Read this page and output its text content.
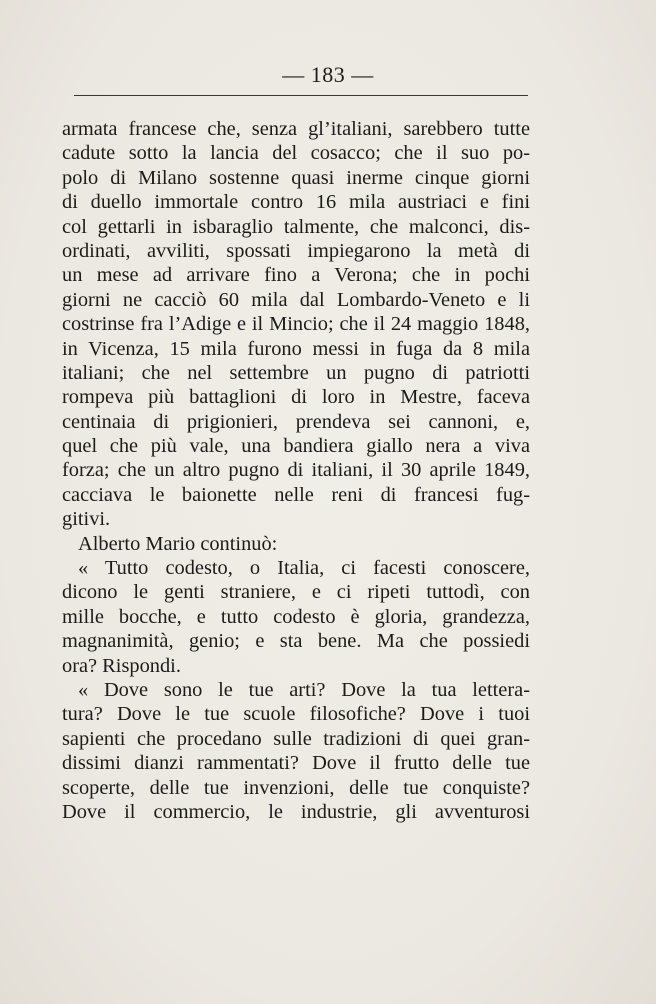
— 183 —
armata francese che, senza gl’italiani, sarebbero tutte
cadute sotto la lancia del cosacco; che il suo po-
polo di Milano sostenne quasi inerme cinque giorni
di duello immortale contro 16 mila austriaci e fini
col gettarli in isbaraglio talmente, che malconci, dis-
ordinati, avviliti, spossati impiegarono la metà di
un mese ad arrivare fino a Verona; che in pochi
giorni ne cacciò 60 mila dal Lombardo-Veneto e li
costrinse fra l’Adige e il Mincio; che il 24 maggio 1848,
in Vicenza, 15 mila furono messi in fuga da 8 mila
italiani; che nel settembre un pugno di patriotti
rompeva più battaglioni di loro in Mestre, faceva
centinaia di prigionieri, prendeva sei cannoni, e,
quel che più vale, una bandiera giallo nera a viva
forza; che un altro pugno di italiani, il 30 aprile 1849,
cacciava le baionette nelle reni di francesi fug-
gitivi.
Alberto Mario continuò:
« Tutto codesto, o Italia, ci facesti conoscere,
dicono le genti straniere, e ci ripeti tuttodì, con
mille bocche, e tutto codesto è gloria, grandezza,
magnanimità, genio; e sta bene. Ma che possiedi
ora? Rispondi.
« Dove sono le tue arti? Dove la tua lettera-
tura? Dove le tue scuole filosofiche? Dove i tuoi
sapienti che procedano sulle tradizioni di quei gran-
dissimi dianzi rammentati? Dove il frutto delle tue
scoperte, delle tue invenzioni, delle tue conquiste?
Dove il commercio, le industrie, gli avventurosi
